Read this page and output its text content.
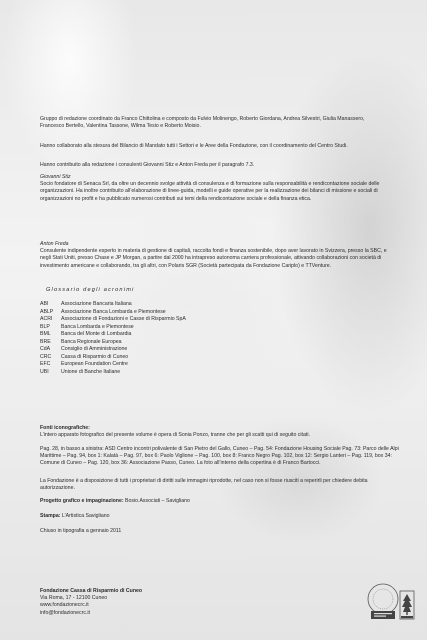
Gruppo di redazione coordinato da Franco Chittolina e composto da Fulvio Molinengo, Roberto Giordana, Andrea Silvestri, Giulia Manassero, Francesco Bertello, Valentina Tassone, Wilma Tesio e Roberto Moisio.

Hanno collaborato alla stesura del Bilancio di Mandato tutti i Settori e le Aree della Fondazione, con il coordinamento del Centro Studi.

Hanno contribuito alla redazione i consulenti Giovanni Stiz e Anton Freda per il paragrafo 7.3.

Giovanni Stiz
Socio fondatore di Senaca Srl, da oltre un decennio svolge attività di consulenza e di formazione sulla responsabilità e rendicontazione sociale delle organizzazioni. Ha inoltre contribuito all’elaborazione di linee-guida, modelli e guide operative per la realizzazione dei bilanci di missione e sociali di organizzazioni no profit e ha pubblicato numerosi contributi sui temi della rendicontazione sociale e della finanza etica.
Anton Freda
Consulente indipendente esperto in materia di gestione di capitali, raccolta fondi e finanza sostenibile, dopo aver lavorato in Svizzera, presso la SBC, e negli Stati Uniti, presso Chase e JP Morgan, a partire dal 2000 ha intrapreso autonoma carriera professionale, attivando collaborazioni con società di investimento americane e collaborando, tra gli altri, con Polaris SGR (Società partecipata da Fondazione Cariplo) e TTVenture.
Glossario degli acronimi
ABI	Associazione Bancaria Italiana
ABLP	Associazione Banca Lombarda e Piemontese
ACRI	Associazione di Fondazioni e Casse di Risparmio SpA
BLP	Banca Lombarda e Piemontese
BML	Banca del Monte di Lombardia
BRE	Banca Regionale Europea
CdA	Consiglio di Amministrazione
CRC	Cassa di Risparmio di Cuneo
EFC	European Foundation Centre
UBI	Unione di Banche Italiane
Fonti iconografiche:
L’intero apparato fotografico del presente volume è opera di Sonia Ponzo, tranne che per gli scatti qui di seguito citati.
Pag. 28, in basso a sinistra: ASD Centro incontri polivalente di San Pietro del Gallo, Cuneo – Pag. 54: Fondazione Housing Sociale Pag. 73: Parco delle Alpi Marittime – Pag. 94, box 1: Kalatà – Pag. 97, box 6: Paolo Viglione – Pag. 100, box 8: Franco Negro Pag. 102, box 12: Sergio Lanteri – Pag. 119, box 34: Comune di Cuneo – Pag. 120, box 36: Associazione Passo, Cuneo. La foto all’interno della copertina è di Franco Bartocci.
La Fondazione è a disposizione di tutti i proprietari di diritti sulle immagini riprodotte, nel caso non si fosse riusciti a reperirli per chiedere debita autorizzazione.
Progetto grafico e impaginazione: Bosio.Associati – Savigliano
Stampa: L’Artistica Savigliano
Chiuso in tipografia a gennaio 2011
Fondazione Cassa di Risparmio di Cuneo
Via Roma, 17 - 12100 Cuneo
www.fondazionecrc.it
info@fondazionecrc.it
